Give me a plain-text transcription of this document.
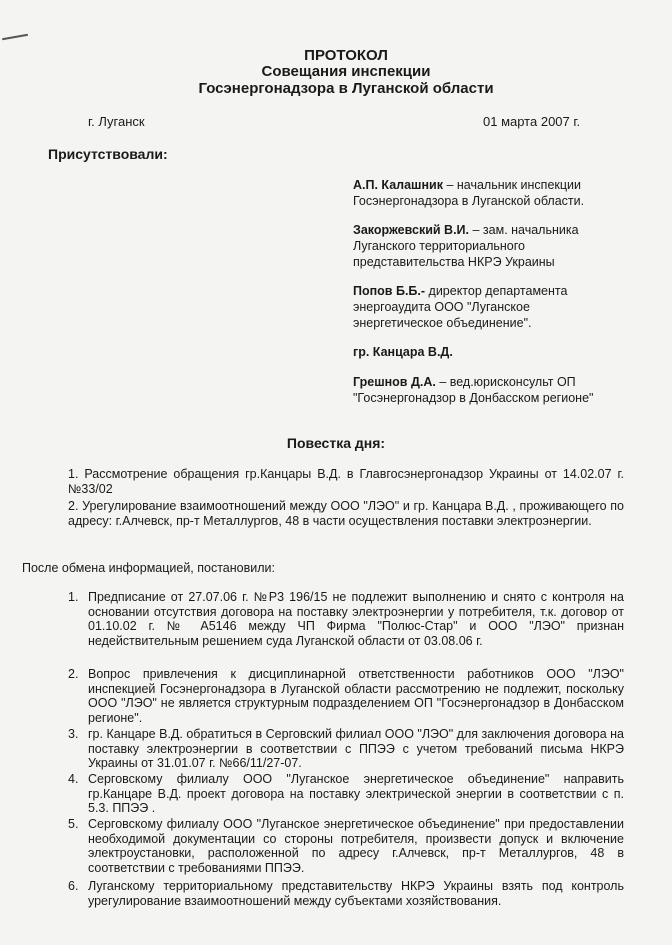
ПРОТОКОЛ
Совещания инспекции
Госэнергонадзора в Луганской области
г. Луганск	01 марта 2007 г.
Присутствовали:
А.П. Калашник – начальник инспекции Госэнергонадзора в Луганской области.
Закоржевский В.И. – зам. начальника Луганского территориального представительства НКРЭ Украины
Попов Б.Б.- директор департамента энергоаудита ООО "Луганское энергетическое объединение".
гр. Канцара В.Д.
Грешнов Д.А. – вед.юрисконсульт ОП "Госэнергонадзор в Донбасском регионе"
Повестка дня:
1. Рассмотрение обращения гр.Канцары В.Д. в Главгосэнергонадзор Украины от 14.02.07 г. №33/02
2. Урегулирование взаимоотношений между ООО "ЛЭО" и гр. Канцара В.Д. , проживающего по адресу: г.Алчевск, пр-т Металлургов, 48 в части осуществления поставки электроэнергии.
После обмена информацией, постановили:
1. Предписание от 27.07.06 г. №Р3 196/15 не подлежит выполнению и снято с контроля на основании отсутствия договора на поставку электроэнергии у потребителя, т.к. договор от 01.10.02 г. № А5146 между ЧП Фирма "Полюс-Стар" и ООО "ЛЭО" признан недействительным решением суда Луганской области от 03.08.06 г.
2. Вопрос привлечения к дисциплинарной ответственности работников ООО "ЛЭО" инспекцией Госэнергонадзора в Луганской области рассмотрению не подлежит, поскольку ООО "ЛЭО" не является структурным подразделением ОП "Госэнергонадзор в Донбасском регионе".
3. гр. Канцаре В.Д. обратиться в Серговский филиал ООО "ЛЭО" для заключения договора на поставку электроэнергии в соответствии с ППЭЭ с учетом требований письма НКРЭ Украины от 31.01.07 г. №66/11/27-07.
4. Серговскому филиалу ООО "Луганское энергетическое объединение" направить гр.Канцаре В.Д. проект договора на поставку электрической энергии в соответствии с п. 5.3. ППЭЭ .
5. Серговскому филиалу ООО "Луганское энергетическое объединение" при предоставлении необходимой документации со стороны потребителя, произвести допуск и включение электроустановки, расположенной по адресу г.Алчевск, пр-т Металлургов, 48 в соответствии с требованиями ППЭЭ.
6. Луганскому территориальному представительству НКРЭ Украины взять под контроль урегулирование взаимоотношений между субъектами хозяйствования.
